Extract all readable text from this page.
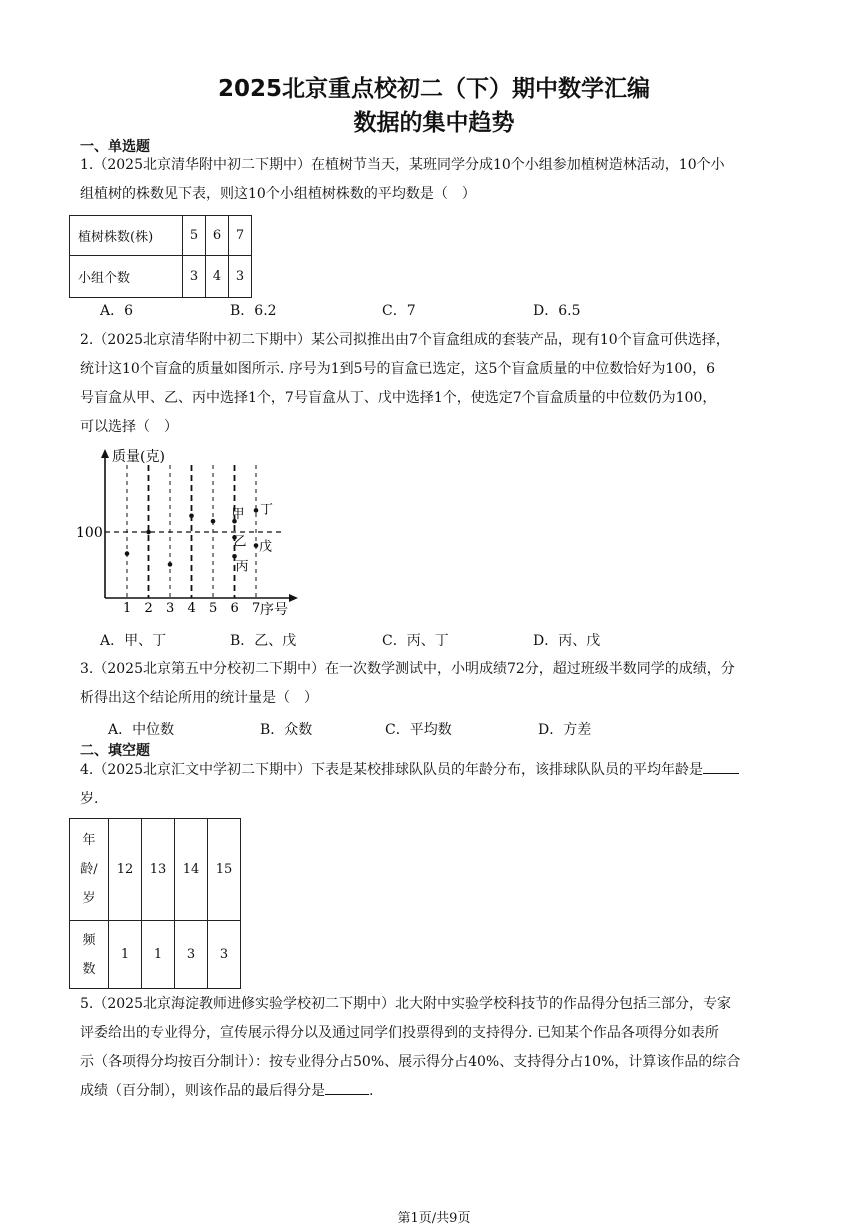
2025北京重点校初二（下）期中数学汇编
数据的集中趋势
一、单选题
1.（2025北京清华附中初二下期中）在植树节当天，某班同学分成10个小组参加植树造林活动，10个小
组植树的株数见下表，则这10个小组植树株数的平均数是（　）
植树株数(株)	5	6	7
小组个数	3	4	3
A．6	B．6.2	C．7	D．6.5
2.（2025北京清华附中初二下期中）某公司拟推出由7个盲盒组成的套装产品，现有10个盲盒可供选择，
统计这10个盲盒的质量如图所示. 序号为1到5号的盲盒已选定，这5个盲盒质量的中位数恰好为100，6
号盲盒从甲、乙、丙中选择1个，7号盲盒从丁、戊中选择1个，使选定7个盲盒质量的中位数仍为100，
可以选择（　）
质量(克)
序号
100
1 2 3 4 5 6 7
甲
乙
丙
丁
戊
A．甲、丁	B．乙、戊	C．丙、丁	D．丙、戊
3.（2025北京第五中分校初二下期中）在一次数学测试中，小明成绩72分，超过班级半数同学的成绩，分
析得出这个结论所用的统计量是（　）
A．中位数	B．众数	C．平均数	D．方差
二、填空题
4.（2025北京汇文中学初二下期中）下表是某校排球队队员的年龄分布，该排球队队员的平均年龄是
岁.
年
龄/
岁	12	13	14	15

频
数	1	1	3	3
5.（2025北京海淀教师进修实验学校初二下期中）北大附中实验学校科技节的作品得分包括三部分，专家
评委给出的专业得分，宣传展示得分以及通过同学们投票得到的支持得分. 已知某个作品各项得分如表所
示（各项得分均按百分制计）：按专业得分占50%、展示得分占40%、支持得分占10%，计算该作品的综合
成绩（百分制），则该作品的最后得分是	.
第1页/共9页
